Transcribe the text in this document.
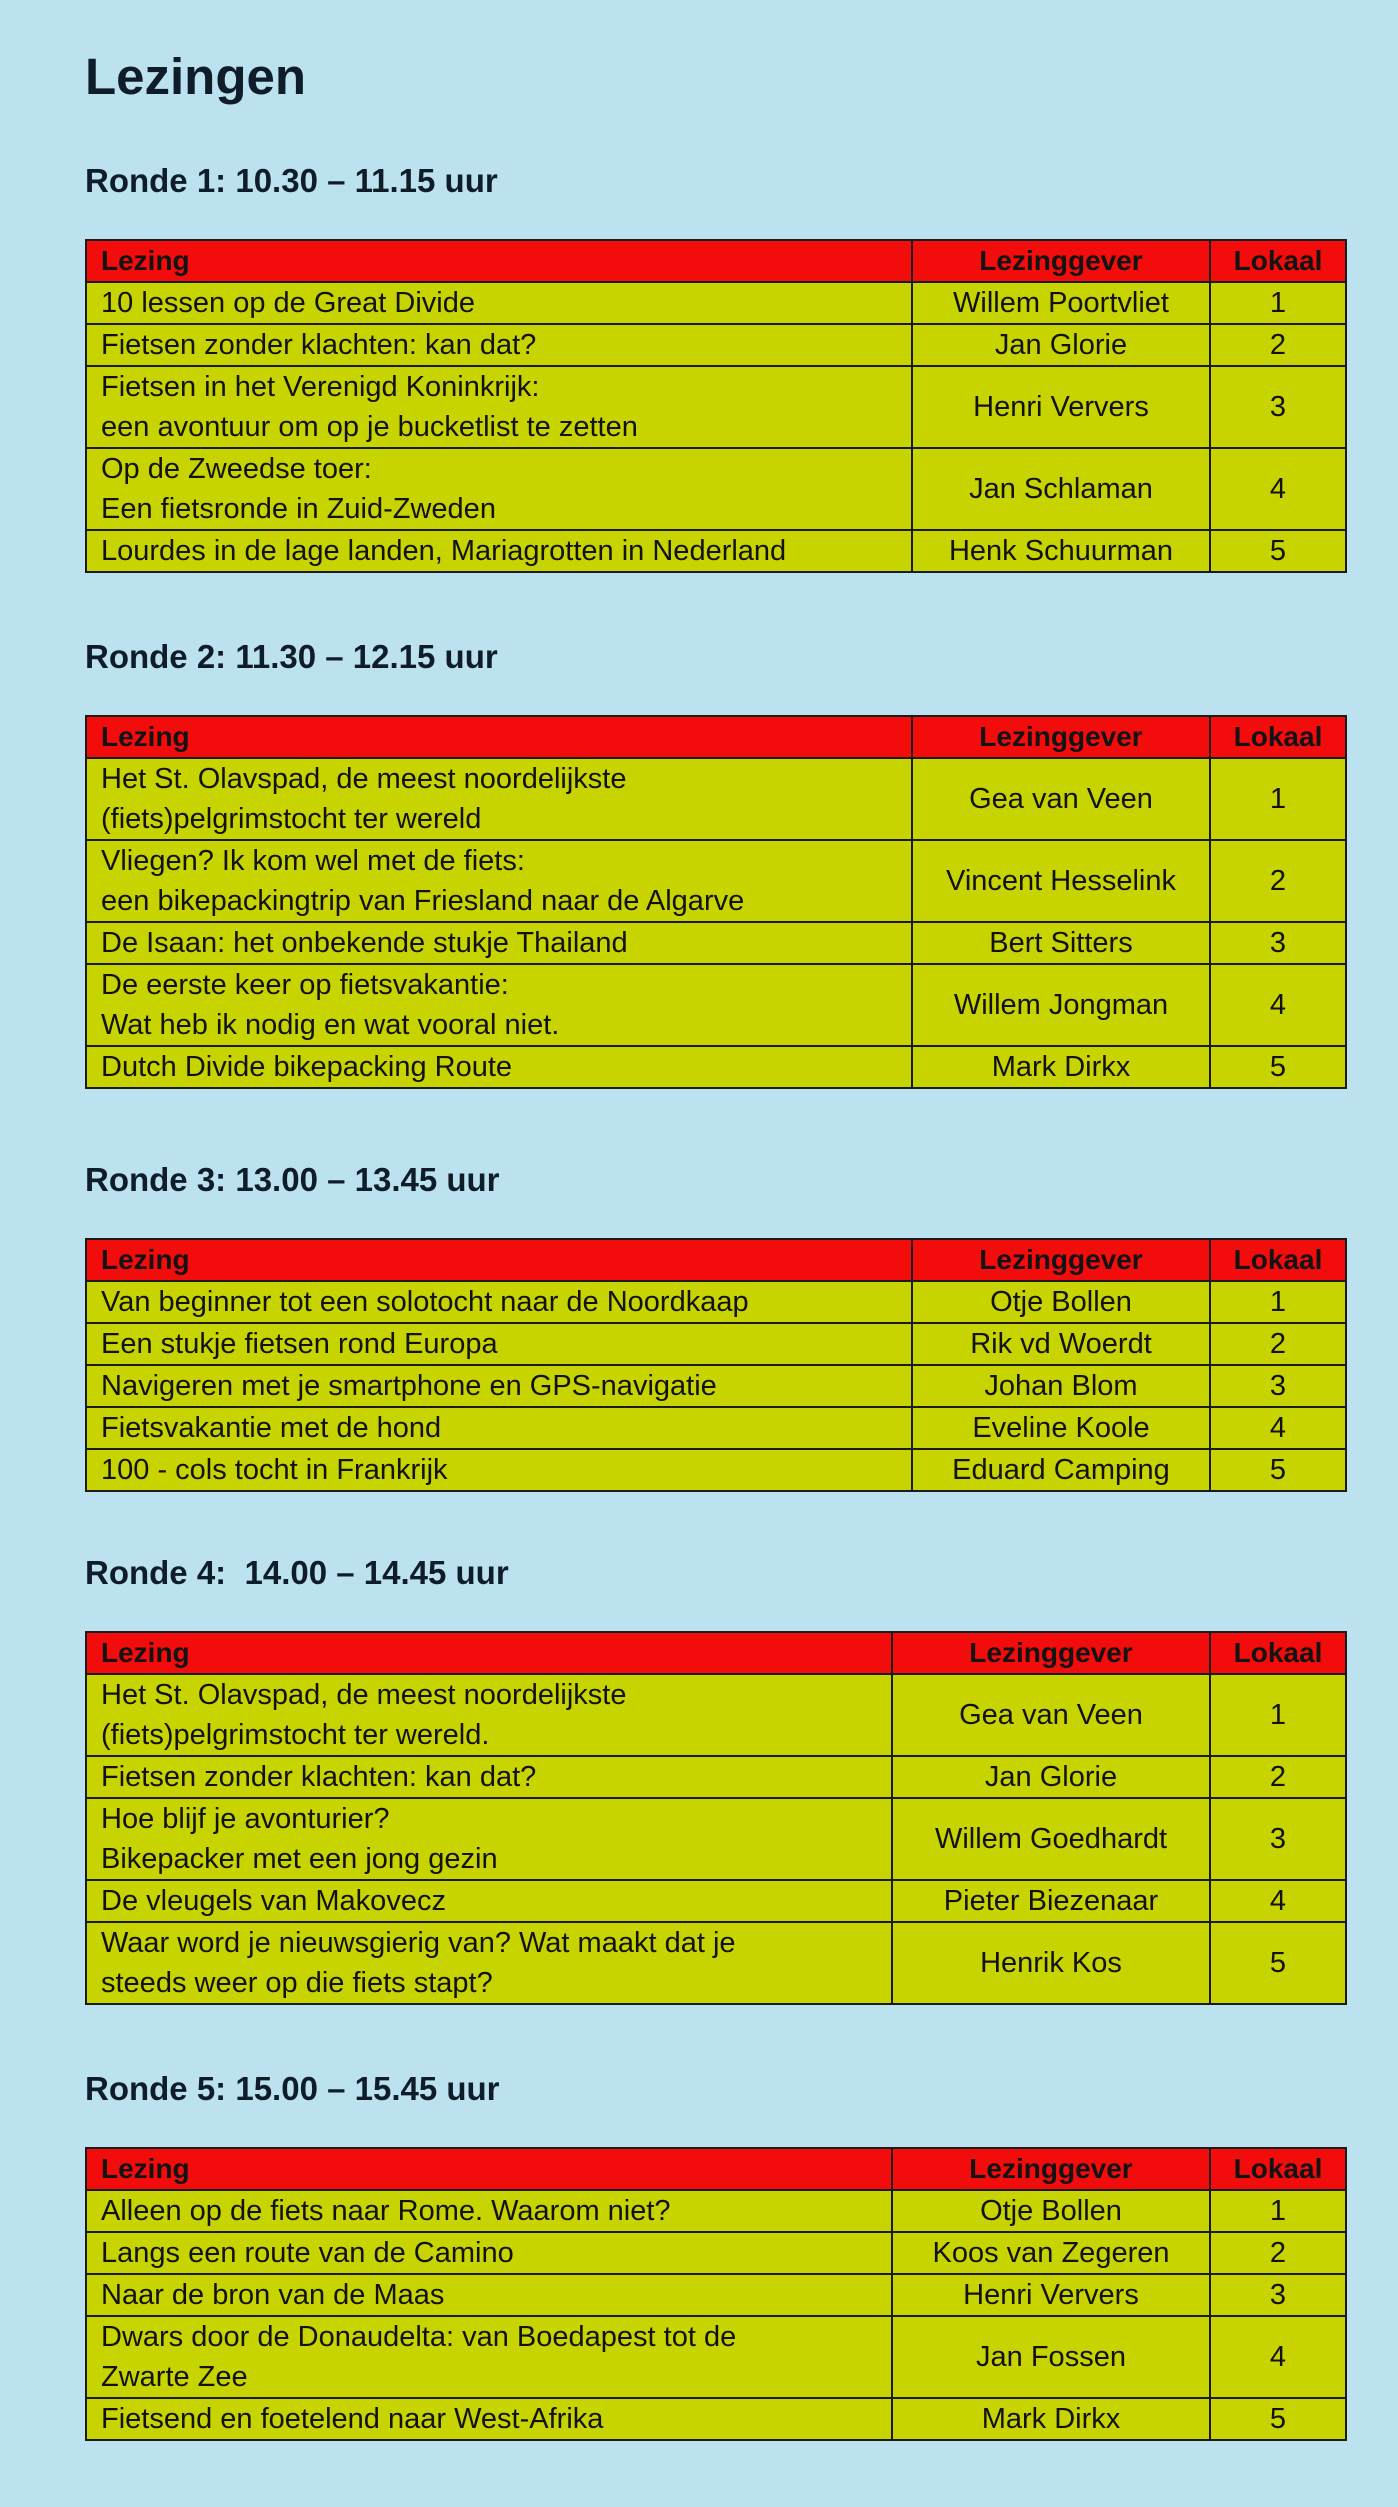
Lezingen
Ronde 1: 10.30 – 11.15 uur
Lezing	Lezinggever	Lokaal

10 lessen op de Great Divide	Willem Poortvliet	1

Fietsen zonder klachten: kan dat?	Jan Glorie	2

Fietsen in het Verenigd Koninkrijk:
een avontuur om op je bucketlist te zetten	Henri Ververs	3

Op de Zweedse toer:
Een fietsronde in Zuid-Zweden	Jan Schlaman	4

Lourdes in de lage landen, Mariagrotten in Nederland	Henk Schuurman	5
Ronde 2: 11.30 – 12.15 uur
Lezing	Lezinggever	Lokaal

Het St. Olavspad, de meest noordelijkste
(fiets)pelgrimstocht ter wereld	Gea van Veen	1

Vliegen? Ik kom wel met de fiets:
een bikepackingtrip van Friesland naar de Algarve	Vincent Hesselink	2

De Isaan: het onbekende stukje Thailand	Bert Sitters	3

De eerste keer op fietsvakantie:
Wat heb ik nodig en wat vooral niet.	Willem Jongman	4

Dutch Divide bikepacking Route	Mark Dirkx	5
Ronde 3: 13.00 – 13.45 uur
Lezing	Lezinggever	Lokaal

Van beginner tot een solotocht naar de Noordkaap	Otje Bollen	1

Een stukje fietsen rond Europa	Rik vd Woerdt	2

Navigeren met je smartphone en GPS-navigatie	Johan Blom	3

Fietsvakantie met de hond	Eveline Koole	4

100 - cols tocht in Frankrijk	Eduard Camping	5
Ronde 4:  14.00 – 14.45 uur
Lezing	Lezinggever	Lokaal

Het St. Olavspad, de meest noordelijkste
(fiets)pelgrimstocht ter wereld.	Gea van Veen	1

Fietsen zonder klachten: kan dat?	Jan Glorie	2

Hoe blijf je avonturier?
Bikepacker met een jong gezin	Willem Goedhardt	3

De vleugels van Makovecz	Pieter Biezenaar	4

Waar word je nieuwsgierig van? Wat maakt dat je
steeds weer op die fiets stapt?	Henrik Kos	5
Ronde 5: 15.00 – 15.45 uur
Lezing	Lezinggever	Lokaal

Alleen op de fiets naar Rome. Waarom niet?	Otje Bollen	1

Langs een route van de Camino	Koos van Zegeren	2

Naar de bron van de Maas	Henri Ververs	3

Dwars door de Donaudelta: van Boedapest tot de
Zwarte Zee	Jan Fossen	4

Fietsend en foetelend naar West-Afrika	Mark Dirkx	5
